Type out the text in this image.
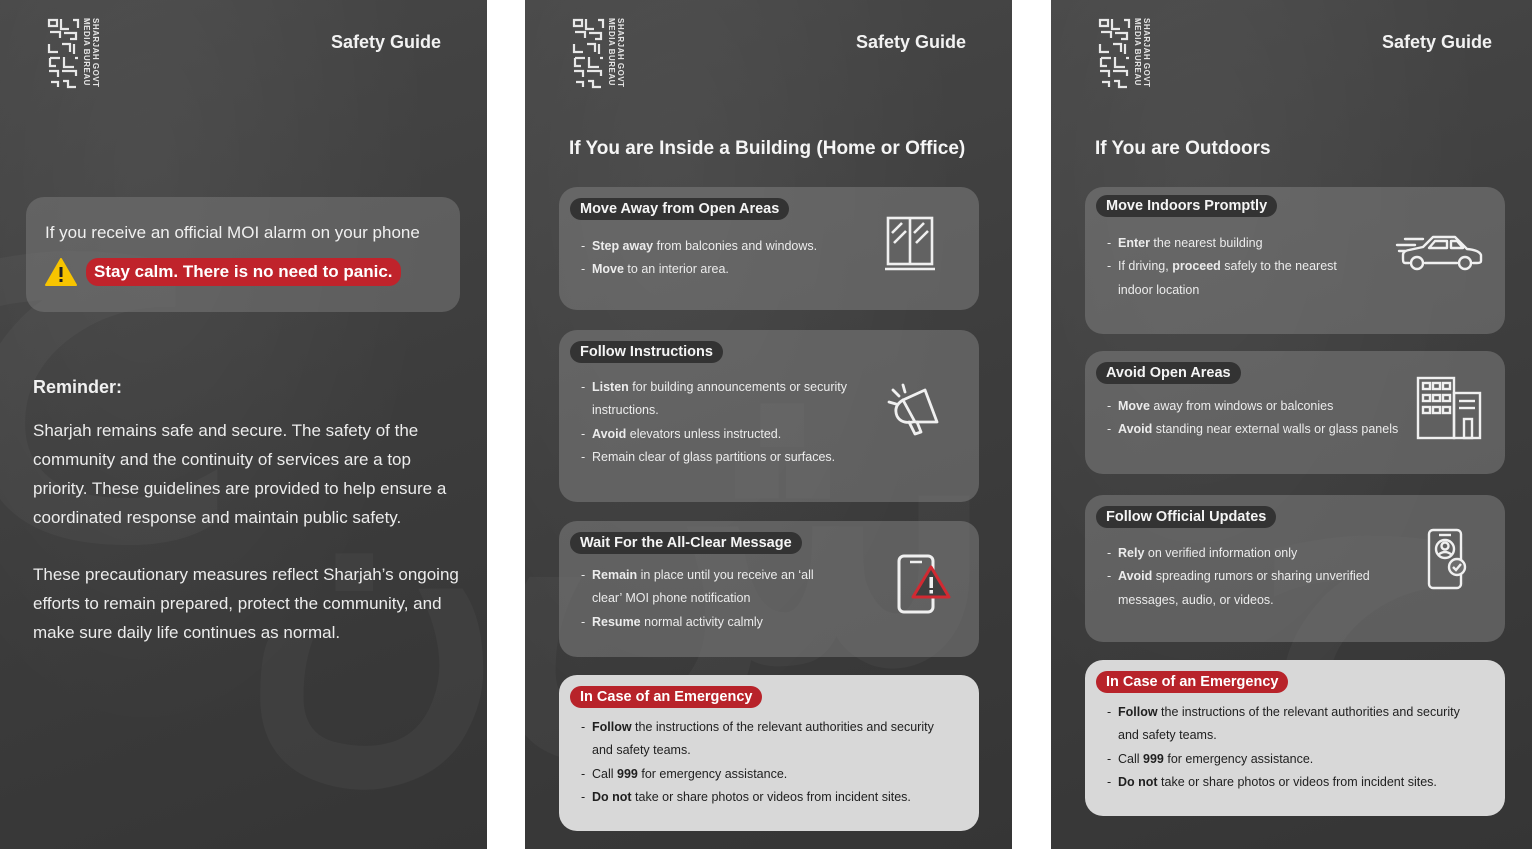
SHARJAH GOVT
MEDIA BUREAU	Safety Guide
If you receive an official MOI alarm on your phone
Stay calm. There is no need to panic.
Reminder:

Sharjah remains safe and secure. The safety of the community and the continuity of services are a top priority. These guidelines are provided to help ensure a coordinated response and maintain public safety.

These precautionary measures reflect Sharjah’s ongoing efforts to remain prepared, protect the community, and make sure daily life continues as normal.

SHARJAH GOVT
MEDIA BUREAU	Safety Guide
If You are Inside a Building (Home or Office)
Move Away from Open Areas
- Step away from balconies and windows.
- Move to an interior area.
Follow Instructions
- Listen for building announcements or security instructions.
- Avoid elevators unless instructed.
- Remain clear of glass partitions or surfaces.
Wait For the All-Clear Message
- Remain in place until you receive an ‘all clear’ MOI phone notification
- Resume normal activity calmly
In Case of an Emergency
- Follow the instructions of the relevant authorities and security and safety teams.
- Call 999 for emergency assistance.
- Do not take or share photos or videos from incident sites.
SHARJAH GOVT
MEDIA BUREAU	Safety Guide
If You are Outdoors
Move Indoors Promptly
- Enter the nearest building
- If driving, proceed safely to the nearest indoor location
Avoid Open Areas
- Move away from windows or balconies
- Avoid standing near external walls or glass panels
Follow Official Updates
- Rely on verified information only
- Avoid spreading rumors or sharing unverified messages, audio, or videos.
In Case of an Emergency
- Follow the instructions of the relevant authorities and security and safety teams.
- Call 999 for emergency assistance.
- Do not take or share photos or videos from incident sites.
